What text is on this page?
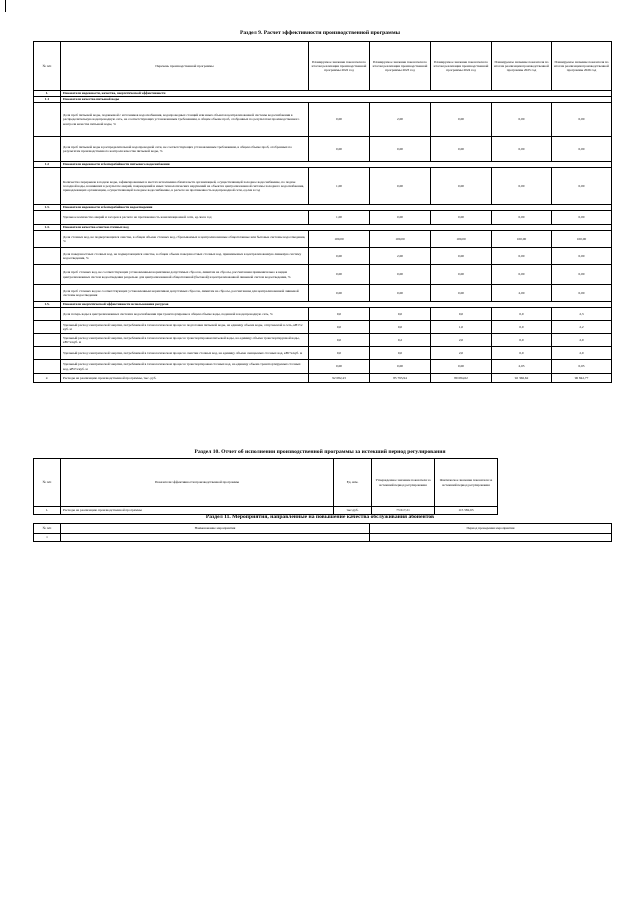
Раздел 9. Расчет эффективности производственной программы
№ п/п	Перечень производственной программы	Планируемое значение показателя по итогам реализации производственной программы 2022 год	Планируемое значение показателя по итогам реализации производственной программы 2023 год	Планируемое значение показателя по итогам реализации производственной программы 2024 год	Планируемое значение показателя по итогам реализации производственной программы 2025 год	Планируемое значение показателя по итогам реализации производственной программы 2026 год
1.	Показатели надежности, качества, энергетической эффективности					
1.1	Показатели качества питьевой воды					
	Доля проб питьевой воды, подаваемой с источников водоснабжения, водопроводных станций или иных объектов централизованной системы водоснабжения в распределительную водопроводную сеть, не соответствующих установленным требованиям, в общем объеме проб, отобранных по результатам производственного контроля качества питьевой воды, %	0,00	2,00	0,00	0,00	0,00
	Доля проб питьевой воды в распределительной водопроводной сети, не соответствующих установленным требованиям, в общем объеме проб, отобранных по результатам производственного контроля качества питьевой воды, %	0,00	0,00	0,00	0,00	0,00
1.2	Показатели надежности и бесперебойности питьевого водоснабжения					
	Количество перерывов в подаче воды, зафиксированных в местах исполнения обязательств организацией, осуществляющей холодное водоснабжение, по подаче холодной воды, возникших в результате аварий, повреждений и иных технологических нарушений на объектах централизованной системы холодного водоснабжения, принадлежащих организации, осуществляющей холодное водоснабжение, в расчете на протяженность водопроводной сети, ед./км в год	1,00	0,00	0,00	0,00	0,00
1.3.	Показатели надежности и бесперебойности водоотведения					
	Удельное количество аварий и засоров в расчете на протяженность канализационной сети, ед./км в год	1,00	0,00	0,00	0,00	0,00
1.4.	Показатели качества очистки сточных вод					
	Доля сточных вод, не подвергающихся очистке, в общем объеме сточных вод, сбрасываемых в централизованные общесплавные или бытовые системы водоотведения, %	100,00	100,00	100,00	100,00	100,00
	Доля поверхностных сточных вод, не подвергающихся очистке, в общем объеме поверхностных сточных вод, принимаемых в централизованную ливневую систему водоотведения, %	0,00	2,00	0,00	0,00	0,00
	Доля проб сточных вод, не соответствующих установленным нормативам допустимых сбросов, лимитам на сбросы, рассчитанная применительно к видам централизованных систем водоотведения раздельно для централизованной общесплавной (бытовой) и централизованной ливневой систем водоотведения, %	0,00	0,00	0,00	0,00	0,00
	Доля проб сточных вод не соответствующих установленным нормативам допустимых сбросов, лимитам на сбросы, рассчитанная для централизованной ливневой системы водоотведения	0,00	0,00	0,00	2,00	0,00
1.5.	Показатели энергетической эффективности использования ресурсов					
	Доля потерь воды в централизованных системах водоснабжения при транспортировке в общем объеме воды, поданной в водопроводную сеть, %	0,0	0,0	0,0	0,0	2,3
	Удельный расход электрической энергии, потребляемой в технологическом процессе подготовки питьевой воды, на единицу объема воды, отпускаемой в сеть, кВт•ч/куб. м	0,0	0,0	1,0	0,0	2,2
	Удельный расход электрической энергии, потребляемой в технологическом процессе транспортировки питьевой воды, на единицу объема транспортируемой воды, кВт•ч/куб. м	0,0	0,2	2,0	0,0	2,0
	Удельный расход электрической энергии, потребляемой в технологическом процессе очистки сточных вод, на единицу объема очищаемых сточных вод, кВт•ч/куб. м	0,0	0,0	2,0	0,0	2,0
	Удельный расход электрической энергии, потребляемой в технологическом процессе транспортировки сточных вод, на единицу объема транспортируемых сточных вод, кВт•ч/куб. м	0,00	0,00	0,00	2,03	0,03
2.	Расходы на реализацию производственной программы, тыс. руб.	92 082,43	85 795,94	89 084,62	92 366,62	96 842,77
Раздел 10. Отчет об исполнении производственной программы за истекший период регулирования
№ п/п	Показатели эффективности производственной программы	Ед. изм.	Утвержденное значение показателя за истекший период регулирования	Фактическое значение показателя за истекший период регулирования	
1.	Расходы на реализацию производственной программы	тыс.руб.	73 617,21	115 582,65	
Раздел 11. Мероприятия, направленные на повышение качества обслуживания абонентов
№ п/п	Наименование мероприятия	Период проведения мероприятия
1		
